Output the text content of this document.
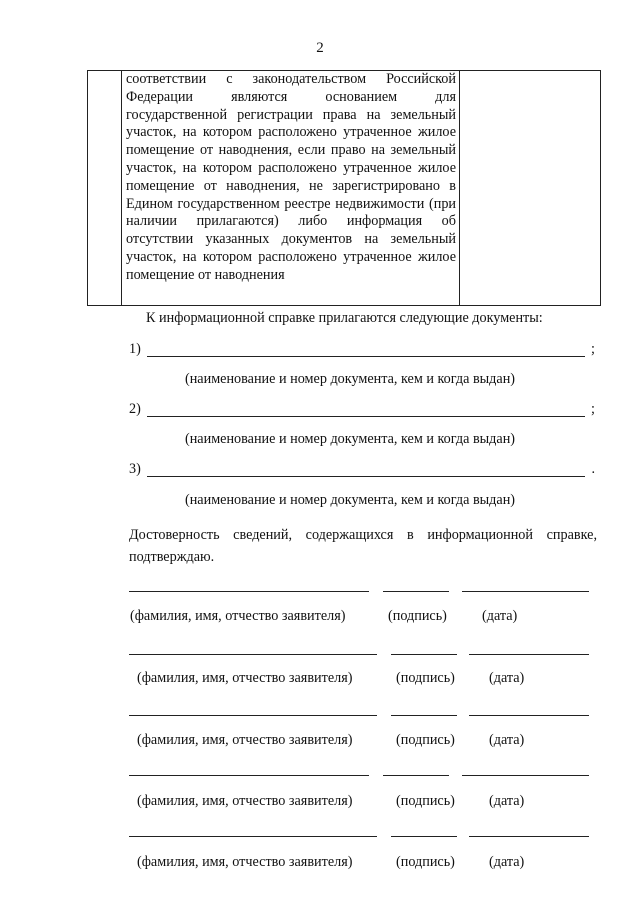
2
соответствии с законодательством Российской Федерации являются основанием для государственной регистрации права на земельный участок, на котором расположено утраченное жилое помещение от наводнения, если право на земельный участок, на котором расположено утраченное жилое помещение от наводнения, не зарегистрировано в Едином государственном реестре недвижимости (при наличии прилагаются) либо информация об отсутствии указанных документов на земельный участок, на котором расположено утраченное жилое помещение от наводнения
К информационной справке прилагаются следующие документы:
1)	;
(наименование и номер документа, кем и когда выдан)
2)	;
(наименование и номер документа, кем и когда выдан)
3)	.
(наименование и номер документа, кем и когда выдан)
Достоверность сведений, содержащихся в информационной справке, подтверждаю.
(фамилия, имя, отчество заявителя)	(подпись) (дата)
(фамилия, имя, отчество заявителя)	(подпись) (дата)
(фамилия, имя, отчество заявителя)	(подпись) (дата)
(фамилия, имя, отчество заявителя)	(подпись) (дата)
(фамилия, имя, отчество заявителя)	(подпись) (дата)
